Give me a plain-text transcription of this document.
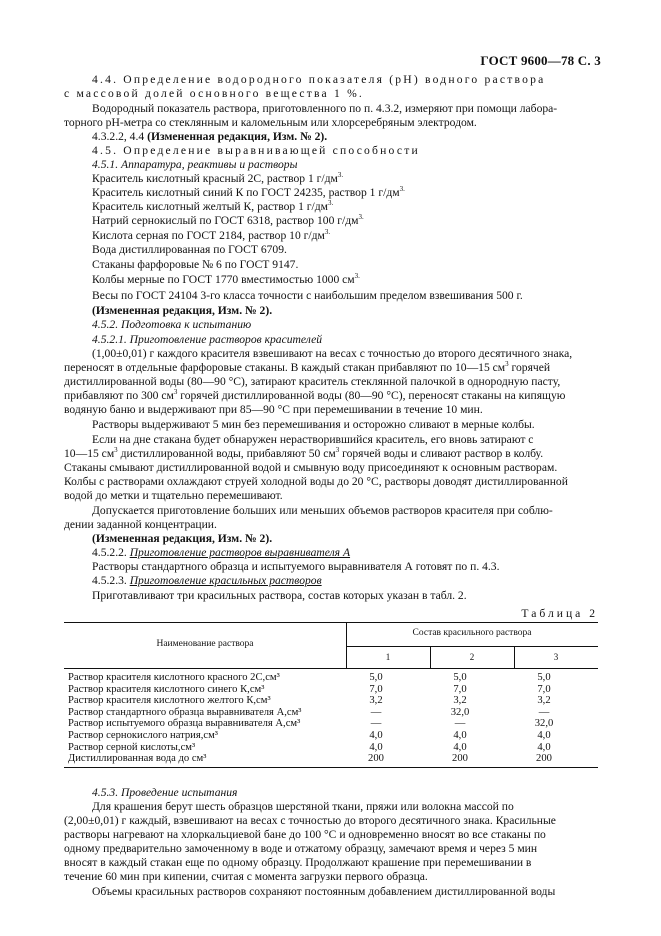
ГОСТ 9600—78 С. 3
4.4. Определение водородного показателя (рН) водного раствора
с массовой долей основного вещества 1 %.
Водородный показатель раствора, приготовленного по п. 4.3.2, измеряют при помощи лабора-
торного рН-метра со стеклянным и каломельным или хлорсеребряным электродом.
4.3.2.2, 4.4 (Измененная редакция, Изм. № 2).
4.5. Определение выравнивающей способности
4.5.1. Аппаратура, реактивы и растворы
Краситель кислотный красный 2С, раствор 1 $г/дм^{3.}$
Краситель кислотный синий К по ГОСТ 24235, раствор 1 $г/дм^{3.}$
Краситель кислотный желтый К, раствор 1 $г/дм^{3.}$
Натрий сернокислый по ГОСТ 6318, раствор 100 $г/дм^{3.}$
Кислота серная по ГОСТ 2184, раствор 10 $г/дм^{3.}$
Вода дистиллированная по ГОСТ 6709.
Стаканы фарфоровые № 6 по ГОСТ 9147.
Колбы мерные по ГОСТ 1770 вместимостью 1000 $см^{3.}$
Весы по ГОСТ 24104 3-го класса точности с наибольшим пределом взвешивания 500 г.
(Измененная редакция, Изм. № 2).
4.5.2. Подготовка к испытанию
4.5.2.1. Приготовление растворов красителей
(1,00±0,01) г каждого красителя взвешивают на весах с точностью до второго десятичного знака,
переносят в отдельные фарфоровые стаканы. В каждый стакан прибавляют по 10—15 $см^3$ горячей
дистиллированной воды (80—90 °С), затирают краситель стеклянной палочкой в однородную пасту,
прибавляют по 300 $см^3$ горячей дистиллированной воды (80—90 °С), переносят стаканы на кипящую
водяную баню и выдерживают при 85—90 °С при перемешивании в течение 10 мин.
Растворы выдерживают 5 мин без перемешивания и осторожно сливают в мерные колбы.
Если на дне стакана будет обнаружен нерастворившийся краситель, его вновь затирают с
10—15 $см^3$ дистиллированной воды, прибавляют 50 $см^3$ горячей воды и сливают раствор в колбу.
Стаканы смывают дистиллированной водой и смывную воду присоединяют к основным растворам.
Колбы с растворами охлаждают струей холодной воды до 20 °С, растворы доводят дистиллированной
водой до метки и тщательно перемешивают.
Допускается приготовление больших или меньших объемов растворов красителя при соблю-
дении заданной концентрации.
(Измененная редакция, Изм. № 2).
4.5.2.2. Приготовление растворов выравнивателя А
Растворы стандартного образца и испытуемого выравнивателя А готовят по п. 4.3.
4.5.2.3. Приготовление красильных растворов
Приготавливают три красильных раствора, состав которых указан в табл. 2.
Таблица 2
Наименование раствора
Состав красильного раствора
1	2	3
Раствор красителя кислотного красного 2С,см³	5,0	5,0	5,0
Раствор красителя кислотного синего К,см³	7,0	7,0	7,0
Раствор красителя кислотного желтого К,см³	3,2	3,2	3,2
Раствор стандартного образца выравнивателя А,см³	—	32,0	—
Раствор испытуемого образца выравнивателя А,см³	—	—	32,0
Раствор сернокислого натрия,см³	4,0	4,0	4,0
Раствор серной кислоты,см³	4,0	4,0	4,0
Дистиллированная вода до см³	200	200	200
4.5.3. Проведение испытания
Для крашения берут шесть образцов шерстяной ткани, пряжи или волокна массой по
(2,00±0,01) г каждый, взвешивают на весах с точностью до второго десятичного знака. Красильные
растворы нагревают на хлоркальциевой бане до 100 °С и одновременно вносят во все стаканы по
одному предварительно замоченному в воде и отжатому образцу, замечают время и через 5 мин
вносят в каждый стакан еще по одному образцу. Продолжают крашение при перемешивании в
течение 60 мин при кипении, считая с момента загрузки первого образца.
Объемы красильных растворов сохраняют постоянным добавлением дистиллированной воды
